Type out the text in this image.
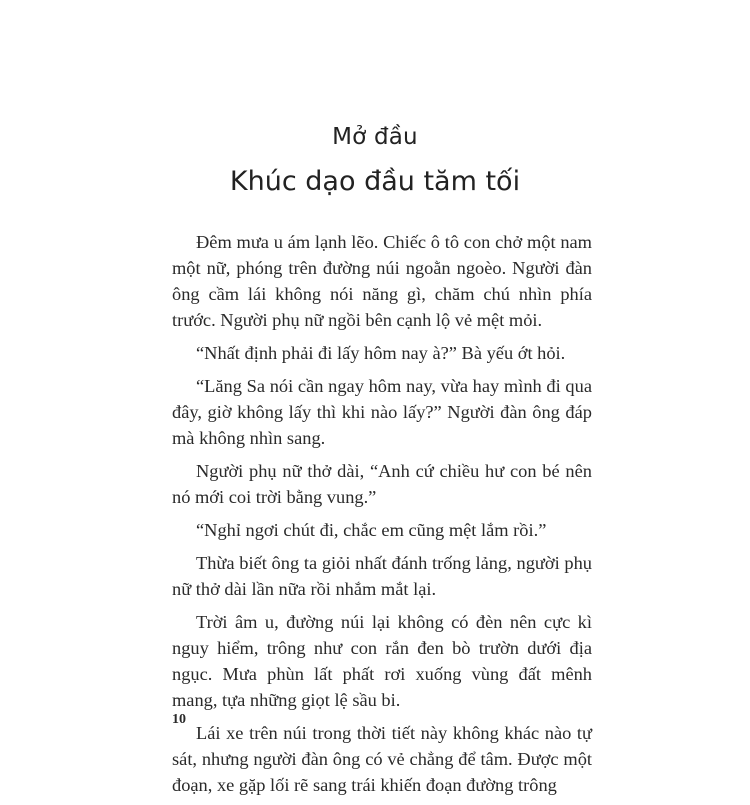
Mở đầu
Khúc dạo đầu tăm tối

Đêm mưa u ám lạnh lẽo. Chiếc ô tô con chở một nam một nữ, phóng trên đường núi ngoằn ngoèo. Người đàn ông cầm lái không nói năng gì, chăm chú nhìn phía trước. Người phụ nữ ngồi bên cạnh lộ vẻ mệt mỏi.

“Nhất định phải đi lấy hôm nay à?” Bà yếu ớt hỏi.

“Lăng Sa nói cần ngay hôm nay, vừa hay mình đi qua đây, giờ không lấy thì khi nào lấy?” Người đàn ông đáp mà không nhìn sang.

Người phụ nữ thở dài, “Anh cứ chiều hư con bé nên nó mới coi trời bằng vung.”

“Nghỉ ngơi chút đi, chắc em cũng mệt lắm rồi.”

Thừa biết ông ta giỏi nhất đánh trống lảng, người phụ nữ thở dài lần nữa rồi nhắm mắt lại.

Trời âm u, đường núi lại không có đèn nên cực kì nguy hiểm, trông như con rắn đen bò trườn dưới địa ngục. Mưa phùn lất phất rơi xuống vùng đất mênh mang, tựa những giọt lệ sầu bi.

Lái xe trên núi trong thời tiết này không khác nào tự sát, nhưng người đàn ông có vẻ chẳng để tâm. Được một đoạn, xe gặp lối rẽ sang trái khiến đoạn đường trông

10
